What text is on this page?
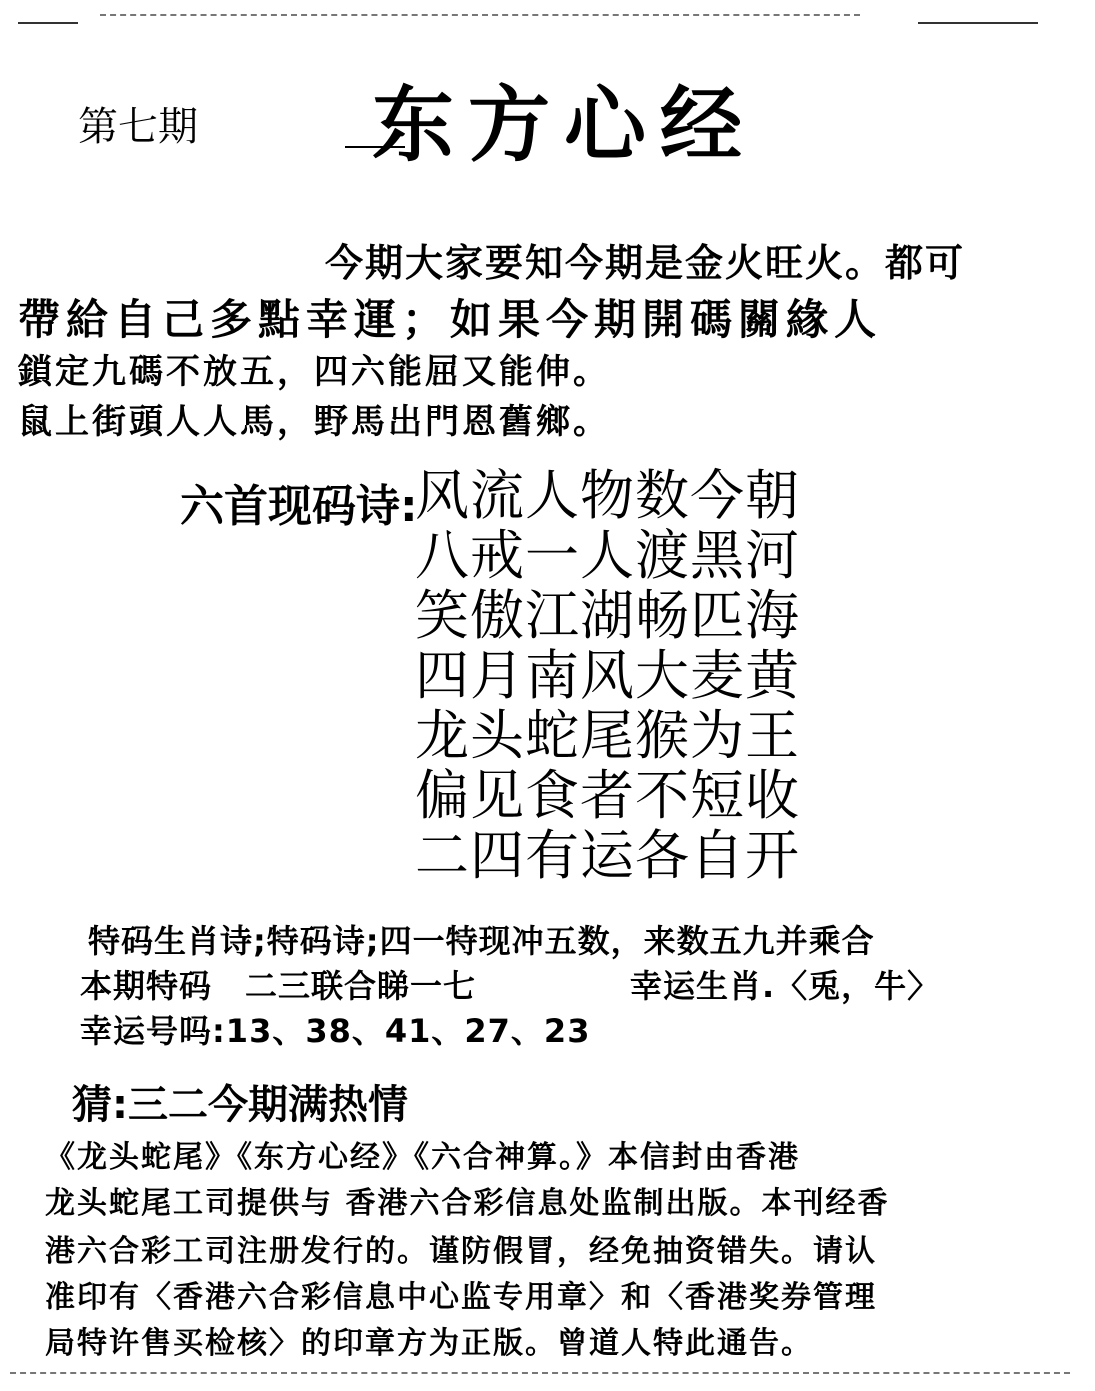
第七期 东方心经
今期大家要知今期是金火旺火。都可
帶給自己多點幸運；如果今期開碼關緣人
鎖定九碼不放五，四六能屈又能伸。
鼠上街頭人人馬，野馬出門恩舊鄉。
六首现码诗:
风流人物数今朝
八戒一人渡黑河
笑傲江湖畅匹海
四月南风大麦黄
龙头蛇尾猴为王
偏见食者不短收
二四有运各自开
特码生肖诗;特码诗;四一特现冲五数，来数五九并乘合
本期特码　二三联合睇一七	幸运生肖.〈兎，牛〉
幸运号吗:13、38、41、27、23
猜:三二今期满热情
《龙头蛇尾》《东方心经》《六合神算。》本信封由香港
龙头蛇尾工司提供与 香港六合彩信息处监制出版。本刊经香
港六合彩工司注册发行的。谨防假冒，经免抽资错失。请认
准印有〈香港六合彩信息中心监专用章〉和〈香港奖券管理
局特许售买检核〉的印章方为正版。曾道人特此通告。
